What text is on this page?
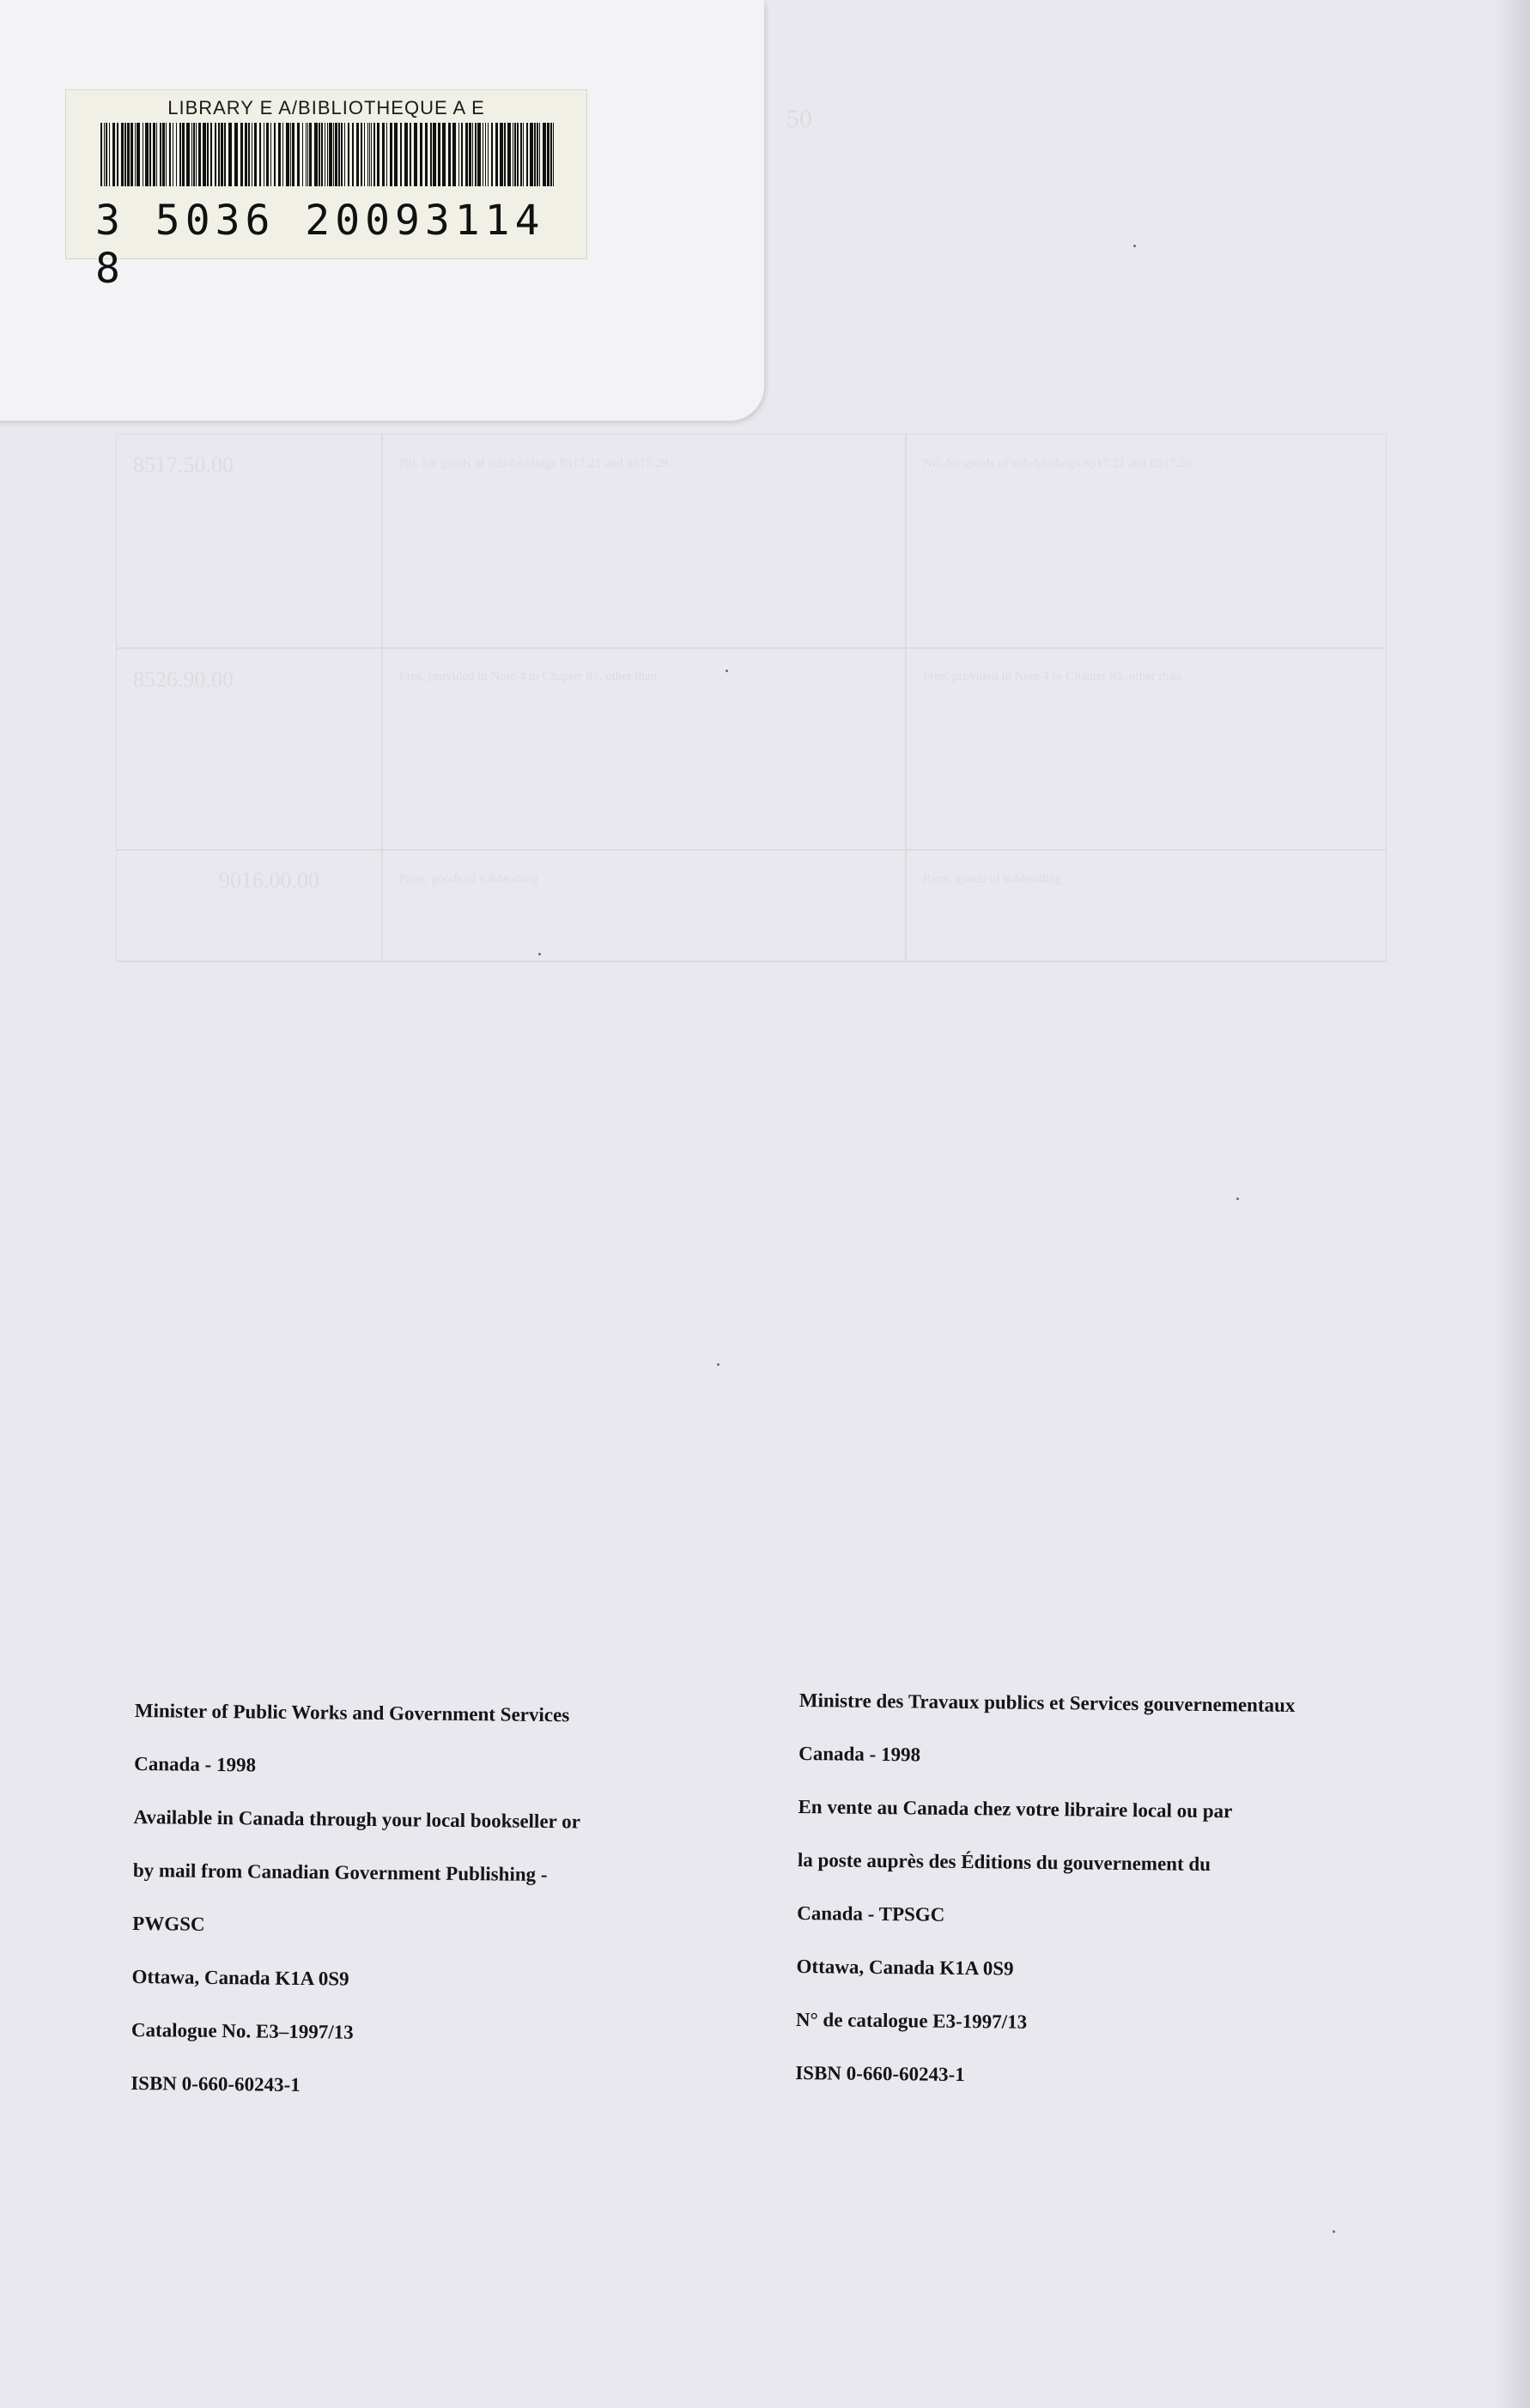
50
8517.50.00
8526.90.00
9016.00.00
Nil, for goods of sub-headings 8517.21 and 8517.29
Free, provided in Note 4 to Chapter 85, other than
Parts, goods of subheading
Nil, for goods of sub-headings 8517.21 and 8517.29
Free, provided in Note 4 to Chapter 85, other than
Parts, goods of subheading
LIBRARY E A/BIBLIOTHEQUE A E
3 5036 20093114 8

Minister of Public Works and Government Services

Canada - 1998

Available in Canada through your local bookseller or

by mail from Canadian Government Publishing -

PWGSC

Ottawa, Canada K1A 0S9

Catalogue No. E3–1997/13

ISBN 0-660-60243-1

Ministre des Travaux publics et Services gouvernementaux

Canada - 1998

En vente au Canada chez votre libraire local ou par

la poste auprès des Éditions du gouvernement du

Canada - TPSGC

Ottawa, Canada K1A 0S9

N° de catalogue E3-1997/13

ISBN 0-660-60243-1
